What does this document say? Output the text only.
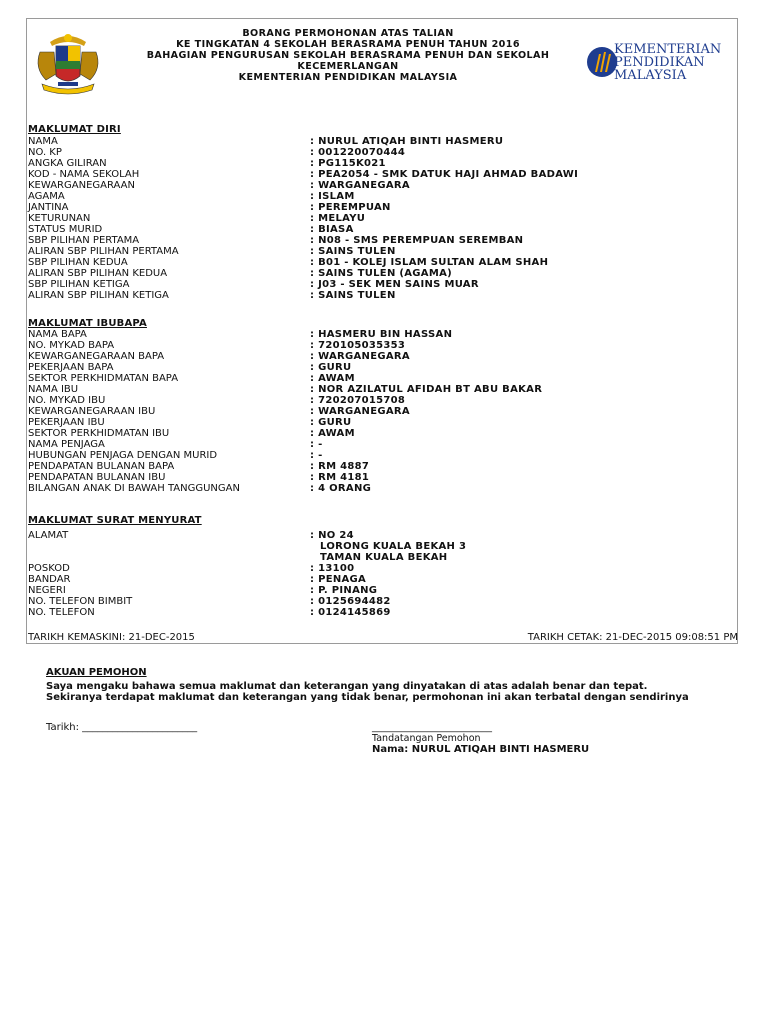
BORANG PERMOHONAN ATAS TALIAN
KE TINGKATAN 4 SEKOLAH BERASRAMA PENUH TAHUN 2016
BAHAGIAN PENGURUSAN SEKOLAH BERASRAMA PENUH DAN SEKOLAH
KECEMERLANGAN
KEMENTERIAN PENDIDIKAN MALAYSIA
KEMENTERIAN
PENDIDIKAN
MALAYSIA
MAKLUMAT DIRI
NAMA	: NURUL ATIQAH BINTI HASMERU
NO. KP	: 001220070444
ANGKA GILIRAN	: PG115K021
KOD - NAMA SEKOLAH	: PEA2054 - SMK DATUK HAJI AHMAD BADAWI
KEWARGANEGARAAN	: WARGANEGARA
AGAMA	: ISLAM
JANTINA	: PEREMPUAN
KETURUNAN	: MELAYU
STATUS MURID	: BIASA
SBP PILIHAN PERTAMA	: N08 - SMS PEREMPUAN SEREMBAN
ALIRAN SBP PILIHAN PERTAMA	: SAINS TULEN
SBP PILIHAN KEDUA	: B01 - KOLEJ ISLAM SULTAN ALAM SHAH
ALIRAN SBP PILIHAN KEDUA	: SAINS TULEN (AGAMA)
SBP PILIHAN KETIGA	: J03 - SEK MEN SAINS MUAR
ALIRAN SBP PILIHAN KETIGA	: SAINS TULEN
MAKLUMAT IBUBAPA
NAMA BAPA	: HASMERU BIN HASSAN
NO. MYKAD BAPA	: 720105035353
KEWARGANEGARAAN BAPA	: WARGANEGARA
PEKERJAAN BAPA	: GURU
SEKTOR PERKHIDMATAN BAPA	: AWAM
NAMA IBU	: NOR AZILATUL AFIDAH BT ABU BAKAR
NO. MYKAD IBU	: 720207015708
KEWARGANEGARAAN IBU	: WARGANEGARA
PEKERJAAN IBU	: GURU
SEKTOR PERKHIDMATAN IBU	: AWAM
NAMA PENJAGA	: -
HUBUNGAN PENJAGA DENGAN MURID	: -
PENDAPATAN BULANAN BAPA	: RM 4887
PENDAPATAN BULANAN IBU	: RM 4181
BILANGAN ANAK DI BAWAH TANGGUNGAN	: 4 ORANG
MAKLUMAT SURAT MENYURAT
ALAMAT	: NO 24
LORONG KUALA BEKAH 3
TAMAN KUALA BEKAH
POSKOD	: 13100
BANDAR	: PENAGA
NEGERI	: P. PINANG
NO. TELEFON BIMBIT	: 0125694482
NO. TELEFON	: 0124145869
TARIKH KEMASKINI: 21-DEC-2015	TARIKH CETAK: 21-DEC-2015 09:08:51 PM
AKUAN PEMOHON
Saya mengaku bahawa semua maklumat dan keterangan yang dinyatakan di atas adalah benar dan tepat.
Sekiranya terdapat maklumat dan keterangan yang tidak benar, permohonan ini akan terbatal dengan sendirinya
Tarikh: _______________________	________________________
Tandatangan Pemohon
Nama: NURUL ATIQAH BINTI HASMERU
